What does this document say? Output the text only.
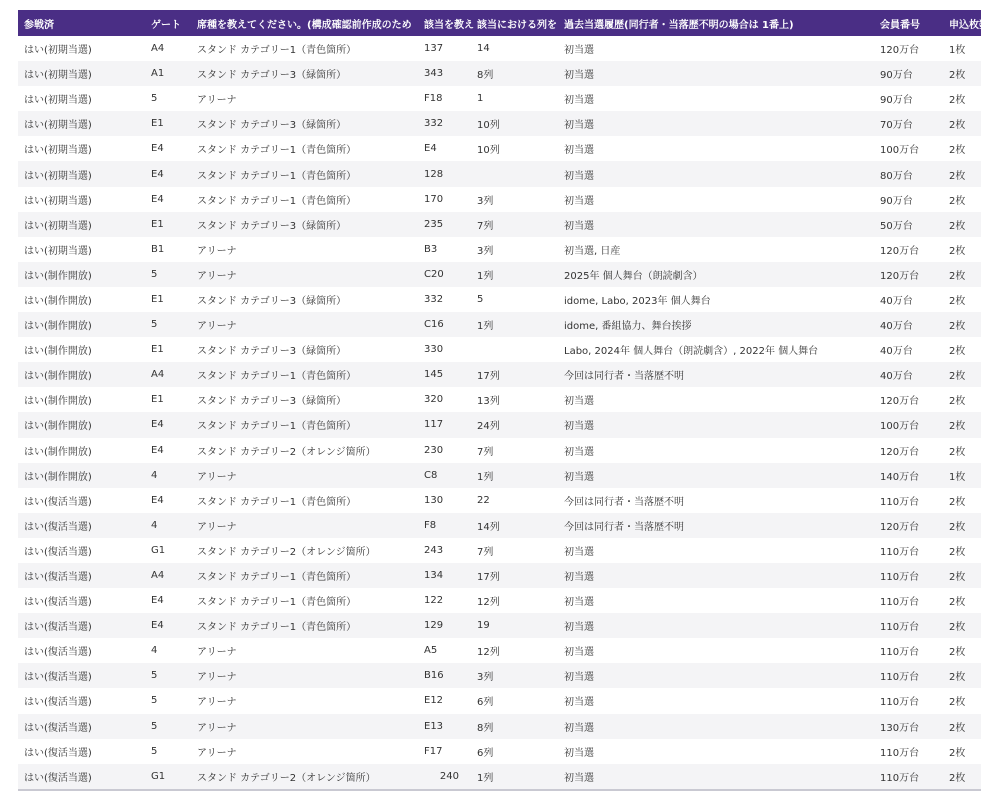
参戦済	ゲート	席種を教えてください。(構成確認前作成のため	該当を教え	該当における列を	過去当選履歴(同行者・当落歴不明の場合は 1番上)	会員番号	申込枚数
はい(初期当選)	A4	スタンド カテゴリー1（青色箇所）	137	14	初当選	120万台	1枚
はい(初期当選)	A1	スタンド カテゴリー3（緑箇所）	343	8列	初当選	90万台	2枚
はい(初期当選)	5	アリーナ	F18	1	初当選	90万台	2枚
はい(初期当選)	E1	スタンド カテゴリー3（緑箇所）	332	10列	初当選	70万台	2枚
はい(初期当選)	E4	スタンド カテゴリー1（青色箇所）	E4	10列	初当選	100万台	2枚
はい(初期当選)	E4	スタンド カテゴリー1（青色箇所）	128		初当選	80万台	2枚
はい(初期当選)	E4	スタンド カテゴリー1（青色箇所）	170	3列	初当選	90万台	2枚
はい(初期当選)	E1	スタンド カテゴリー3（緑箇所）	235	7列	初当選	50万台	2枚
はい(初期当選)	B1	アリーナ	B3	3列	初当選, 日産	120万台	2枚
はい(制作開放)	5	アリーナ	C20	1列	2025年 個人舞台（朗読劇含）	120万台	2枚
はい(制作開放)	E1	スタンド カテゴリー3（緑箇所）	332	5	idome, Labo, 2023年 個人舞台	40万台	2枚
はい(制作開放)	5	アリーナ	C16	1列	idome, 番組協力、舞台挨拶	40万台	2枚
はい(制作開放)	E1	スタンド カテゴリー3（緑箇所）	330		Labo, 2024年 個人舞台（朗読劇含）, 2022年 個人舞台	40万台	2枚
はい(制作開放)	A4	スタンド カテゴリー1（青色箇所）	145	17列	今回は同行者・当落歴不明	40万台	2枚
はい(制作開放)	E1	スタンド カテゴリー3（緑箇所）	320	13列	初当選	120万台	2枚
はい(制作開放)	E4	スタンド カテゴリー1（青色箇所）	117	24列	初当選	100万台	2枚
はい(制作開放)	E4	スタンド カテゴリー2（オレンジ箇所）	230	7列	初当選	120万台	2枚
はい(制作開放)	4	アリーナ	C8	1列	初当選	140万台	1枚
はい(復活当選)	E4	スタンド カテゴリー1（青色箇所）	130	22	今回は同行者・当落歴不明	110万台	2枚
はい(復活当選)	4	アリーナ	F8	14列	今回は同行者・当落歴不明	120万台	2枚
はい(復活当選)	G1	スタンド カテゴリー2（オレンジ箇所）	243	7列	初当選	110万台	2枚
はい(復活当選)	A4	スタンド カテゴリー1（青色箇所）	134	17列	初当選	110万台	2枚
はい(復活当選)	E4	スタンド カテゴリー1（青色箇所）	122	12列	初当選	110万台	2枚
はい(復活当選)	E4	スタンド カテゴリー1（青色箇所）	129	19	初当選	110万台	2枚
はい(復活当選)	4	アリーナ	A5	12列	初当選	110万台	2枚
はい(復活当選)	5	アリーナ	B16	3列	初当選	110万台	2枚
はい(復活当選)	5	アリーナ	E12	6列	初当選	110万台	2枚
はい(復活当選)	5	アリーナ	E13	8列	初当選	130万台	2枚
はい(復活当選)	5	アリーナ	F17	6列	初当選	110万台	2枚
はい(復活当選)	G1	スタンド カテゴリー2（オレンジ箇所）	240	1列	初当選	110万台	2枚
